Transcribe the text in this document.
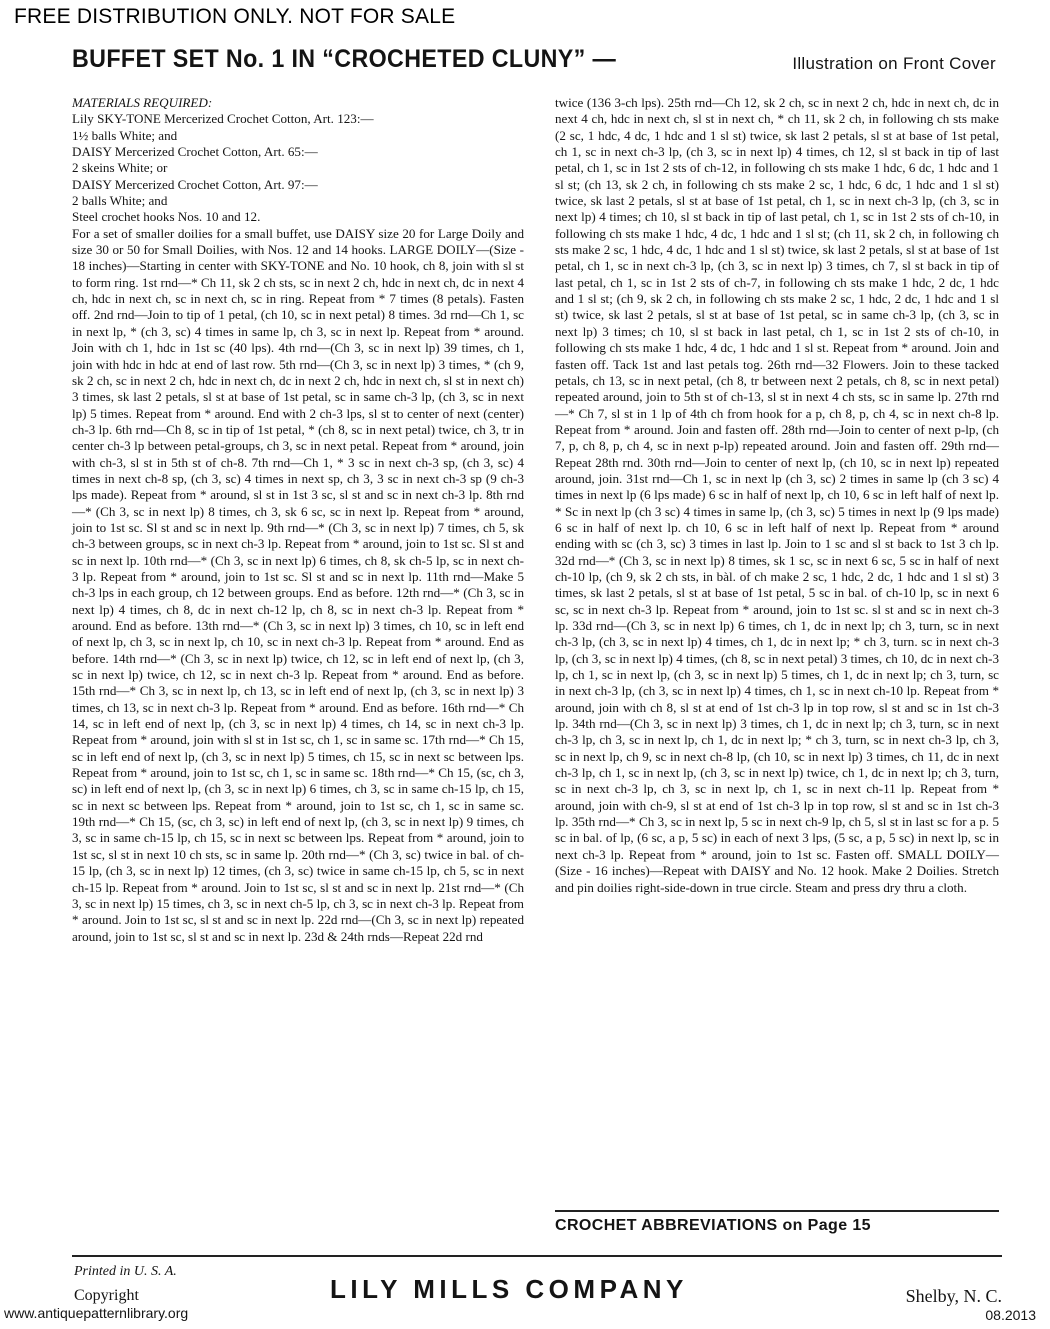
FREE DISTRIBUTION ONLY. NOT FOR SALE
BUFFET SET No. 1 IN “CROCHETED CLUNY” —	Illustration on Front Cover

MATERIALS REQUIRED:

Lily SKY-TONE Mercerized Crochet Cotton, Art. 123:—

1½ balls White; and

DAISY Mercerized Crochet Cotton, Art. 65:—

2 skeins White; or

DAISY Mercerized Crochet Cotton, Art. 97:—

2 balls White; and

Steel crochet hooks Nos. 10 and 12.

For a set of smaller doilies for a small buffet, use DAISY size 20 for Large Doily and size 30 or 50 for Small Doilies, with Nos. 12 and 14 hooks. LARGE DOILY—(Size - 18 inches)—Starting in center with SKY-TONE and No. 10 hook, ch 8, join with sl st to form ring. 1st rnd—* Ch 11, sk 2 ch sts, sc in next 2 ch, hdc in next ch, dc in next 4 ch, hdc in next ch, sc in next ch, sc in ring. Repeat from * 7 times (8 petals). Fasten off. 2nd rnd—Join to tip of 1 petal, (ch 10, sc in next petal) 8 times. 3d rnd—Ch 1, sc in next lp, * (ch 3, sc) 4 times in same lp, ch 3, sc in next lp. Repeat from * around. Join with ch 1, hdc in 1st sc (40 lps). 4th rnd—(Ch 3, sc in next lp) 39 times, ch 1, join with hdc in hdc at end of last row. 5th rnd—(Ch 3, sc in next lp) 3 times, * (ch 9, sk 2 ch, sc in next 2 ch, hdc in next ch, dc in next 2 ch, hdc in next ch, sl st in next ch) 3 times, sk last 2 petals, sl st at base of 1st petal, sc in same ch-3 lp, (ch 3, sc in next lp) 5 times. Repeat from * around. End with 2 ch-3 lps, sl st to center of next (center) ch-3 lp. 6th rnd—Ch 8, sc in tip of 1st petal, * (ch 8, sc in next petal) twice, ch 3, tr in center ch-3 lp between petal-groups, ch 3, sc in next petal. Repeat from * around, join with ch-3, sl st in 5th st of ch-8. 7th rnd—Ch 1, * 3 sc in next ch-3 sp, (ch 3, sc) 4 times in next ch-8 sp, (ch 3, sc) 4 times in next sp, ch 3, 3 sc in next ch-3 sp (9 ch-3 lps made). Repeat from * around, sl st in 1st 3 sc, sl st and sc in next ch-3 lp. 8th rnd—* (Ch 3, sc in next lp) 8 times, ch 3, sk 6 sc, sc in next lp. Repeat from * around, join to 1st sc. Sl st and sc in next lp. 9th rnd—* (Ch 3, sc in next lp) 7 times, ch 5, sk ch-3 between groups, sc in next ch-3 lp. Repeat from * around, join to 1st sc. Sl st and sc in next lp. 10th rnd—* (Ch 3, sc in next lp) 6 times, ch 8, sk ch-5 lp, sc in next ch-3 lp. Repeat from * around, join to 1st sc. Sl st and sc in next lp. 11th rnd—Make 5 ch-3 lps in each group, ch 12 between groups. End as before. 12th rnd—* (Ch 3, sc in next lp) 4 times, ch 8, dc in next ch-12 lp, ch 8, sc in next ch-3 lp. Repeat from * around. End as before. 13th rnd—* (Ch 3, sc in next lp) 3 times, ch 10, sc in left end of next lp, ch 3, sc in next lp, ch 10, sc in next ch-3 lp. Repeat from * around. End as before. 14th rnd—* (Ch 3, sc in next lp) twice, ch 12, sc in left end of next lp, (ch 3, sc in next lp) twice, ch 12, sc in next ch-3 lp. Repeat from * around. End as before. 15th rnd—* Ch 3, sc in next lp, ch 13, sc in left end of next lp, (ch 3, sc in next lp) 3 times, ch 13, sc in next ch-3 lp. Repeat from * around. End as before. 16th rnd—* Ch 14, sc in left end of next lp, (ch 3, sc in next lp) 4 times, ch 14, sc in next ch-3 lp. Repeat from * around, join with sl st in 1st sc, ch 1, sc in same sc. 17th rnd—* Ch 15, sc in left end of next lp, (ch 3, sc in next lp) 5 times, ch 15, sc in next sc between lps. Repeat from * around, join to 1st sc, ch 1, sc in same sc. 18th rnd—* Ch 15, (sc, ch 3, sc) in left end of next lp, (ch 3, sc in next lp) 6 times, ch 3, sc in same ch-15 lp, ch 15, sc in next sc between lps. Repeat from * around, join to 1st sc, ch 1, sc in same sc. 19th rnd—* Ch 15, (sc, ch 3, sc) in left end of next lp, (ch 3, sc in next lp) 9 times, ch 3, sc in same ch-15 lp, ch 15, sc in next sc between lps. Repeat from * around, join to 1st sc, sl st in next 10 ch sts, sc in same lp. 20th rnd—* (Ch 3, sc) twice in bal. of ch-15 lp, (ch 3, sc in next lp) 12 times, (ch 3, sc) twice in same ch-15 lp, ch 5, sc in next ch-15 lp. Repeat from * around. Join to 1st sc, sl st and sc in next lp. 21st rnd—* (Ch 3, sc in next lp) 15 times, ch 3, sc in next ch-5 lp, ch 3, sc in next ch-3 lp. Repeat from * around. Join to 1st sc, sl st and sc in next lp. 22d rnd—(Ch 3, sc in next lp) repeated around, join to 1st sc, sl st and sc in next lp. 23d & 24th rnds—Repeat 22d rnd

twice (136 3-ch lps). 25th rnd—Ch 12, sk 2 ch, sc in next 2 ch, hdc in next ch, dc in next 4 ch, hdc in next ch, sl st in next ch, * ch 11, sk 2 ch, in following ch sts make (2 sc, 1 hdc, 4 dc, 1 hdc and 1 sl st) twice, sk last 2 petals, sl st at base of 1st petal, ch 1, sc in next ch-3 lp, (ch 3, sc in next lp) 4 times, ch 12, sl st back in tip of last petal, ch 1, sc in 1st 2 sts of ch-12, in following ch sts make 1 hdc, 6 dc, 1 hdc and 1 sl st; (ch 13, sk 2 ch, in following ch sts make 2 sc, 1 hdc, 6 dc, 1 hdc and 1 sl st) twice, sk last 2 petals, sl st at base of 1st petal, ch 1, sc in next ch-3 lp, (ch 3, sc in next lp) 4 times; ch 10, sl st back in tip of last petal, ch 1, sc in 1st 2 sts of ch-10, in following ch sts make 1 hdc, 4 dc, 1 hdc and 1 sl st; (ch 11, sk 2 ch, in following ch sts make 2 sc, 1 hdc, 4 dc, 1 hdc and 1 sl st) twice, sk last 2 petals, sl st at base of 1st petal, ch 1, sc in next ch-3 lp, (ch 3, sc in next lp) 3 times, ch 7, sl st back in tip of last petal, ch 1, sc in 1st 2 sts of ch-7, in following ch sts make 1 hdc, 2 dc, 1 hdc and 1 sl st; (ch 9, sk 2 ch, in following ch sts make 2 sc, 1 hdc, 2 dc, 1 hdc and 1 sl st) twice, sk last 2 petals, sl st at base of 1st petal, sc in same ch-3 lp, (ch 3, sc in next lp) 3 times; ch 10, sl st back in last petal, ch 1, sc in 1st 2 sts of ch-10, in following ch sts make 1 hdc, 4 dc, 1 hdc and 1 sl st. Repeat from * around. Join and fasten off. Tack 1st and last petals tog. 26th rnd—32 Flowers. Join to these tacked petals, ch 13, sc in next petal, (ch 8, tr between next 2 petals, ch 8, sc in next petal) repeated around, join to 5th st of ch-13, sl st in next 4 ch sts, sc in same lp. 27th rnd—* Ch 7, sl st in 1 lp of 4th ch from hook for a p, ch 8, p, ch 4, sc in next ch-8 lp. Repeat from * around. Join and fasten off. 28th rnd—Join to center of next p-lp, (ch 7, p, ch 8, p, ch 4, sc in next p-lp) repeated around. Join and fasten off. 29th rnd—Repeat 28th rnd. 30th rnd—Join to center of next lp, (ch 10, sc in next lp) repeated around, join. 31st rnd—Ch 1, sc in next lp (ch 3, sc) 2 times in same lp (ch 3 sc) 4 times in next lp (6 lps made) 6 sc in half of next lp, ch 10, 6 sc in left half of next lp. * Sc in next lp (ch 3 sc) 4 times in same lp, (ch 3, sc) 5 times in next lp (9 lps made) 6 sc in half of next lp. ch 10, 6 sc in left half of next lp. Repeat from * around ending with sc (ch 3, sc) 3 times in last lp. Join to 1 sc and sl st back to 1st 3 ch lp. 32d rnd—* (Ch 3, sc in next lp) 8 times, sk 1 sc, sc in next 6 sc, 5 sc in half of next ch-10 lp, (ch 9, sk 2 ch sts, in bàl. of ch make 2 sc, 1 hdc, 2 dc, 1 hdc and 1 sl st) 3 times, sk last 2 petals, sl st at base of 1st petal, 5 sc in bal. of ch-10 lp, sc in next 6 sc, sc in next ch-3 lp. Repeat from * around, join to 1st sc. sl st and sc in next ch-3 lp. 33d rnd—(Ch 3, sc in next lp) 6 times, ch 1, dc in next lp; ch 3, turn, sc in next ch-3 lp, (ch 3, sc in next lp) 4 times, ch 1, dc in next lp; * ch 3, turn. sc in next ch-3 lp, (ch 3, sc in next lp) 4 times, (ch 8, sc in next petal) 3 times, ch 10, dc in next ch-3 lp, ch 1, sc in next lp, (ch 3, sc in next lp) 5 times, ch 1, dc in next lp; ch 3, turn, sc in next ch-3 lp, (ch 3, sc in next lp) 4 times, ch 1, sc in next ch-10 lp. Repeat from * around, join with ch 8, sl st at end of 1st ch-3 lp in top row, sl st and sc in 1st ch-3 lp. 34th rnd—(Ch 3, sc in next lp) 3 times, ch 1, dc in next lp; ch 3, turn, sc in next ch-3 lp, ch 3, sc in next lp, ch 1, dc in next lp; * ch 3, turn, sc in next ch-3 lp, ch 3, sc in next lp, ch 9, sc in next ch-8 lp, (ch 10, sc in next lp) 3 times, ch 11, dc in next ch-3 lp, ch 1, sc in next lp, (ch 3, sc in next lp) twice, ch 1, dc in next lp; ch 3, turn, sc in next ch-3 lp, ch 3, sc in next lp, ch 1, sc in next ch-11 lp. Repeat from * around, join with ch-9, sl st at end of 1st ch-3 lp in top row, sl st and sc in 1st ch-3 lp. 35th rnd—* Ch 3, sc in next lp, 5 sc in next ch-9 lp, ch 5, sl st in last sc for a p. 5 sc in bal. of lp, (6 sc, a p, 5 sc) in each of next 3 lps, (5 sc, a p, 5 sc) in next lp, sc in next ch-3 lp. Repeat from * around, join to 1st sc. Fasten off. SMALL DOILY—(Size - 16 inches)—Repeat with DAISY and No. 12 hook. Make 2 Doilies. Stretch and pin doilies right-side-down in true circle. Steam and press dry thru a cloth.

CROCHET ABBREVIATIONS on Page 15
Printed in U. S. A.
Copyright	LILY MILLS COMPANY	Shelby, N. C.
www.antiquepatternlibrary.org	08.2013
